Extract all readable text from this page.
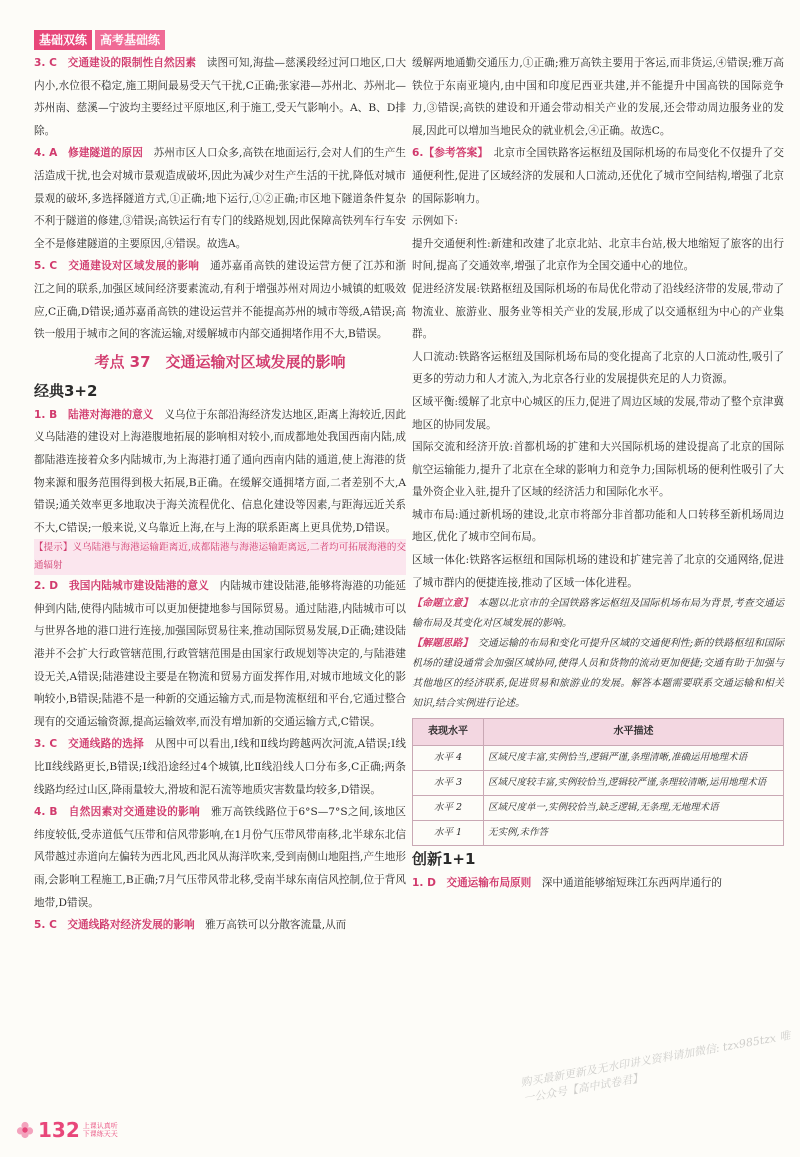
基础双练	高考基础练

3. C　 交通建设的限制性自然因素　 读图可知,海盐—慈溪段经过河口地区,口大内小,水位很不稳定,施工期间最易受天气干扰,C正确;张家港—苏州北、苏州北—苏州南、慈溪—宁波均主要经过平原地区,利于施工,受天气影响小。A、B、D排除。

4. A　 修建隧道的原因　 苏州市区人口众多,高铁在地面运行,会对人们的生产生活造成干扰,也会对城市景观造成破坏,因此为减少对生产生活的干扰,降低对城市景观的破坏,多选择隧道方式,①正确;地下运行,①②正确;市区地下隧道条件复杂不利于隧道的修建,③错误;高铁运行有专门的线路规划,因此保障高铁列车行车安全不是修建隧道的主要原因,④错误。故选A。

5. C　 交通建设对区域发展的影响　 通苏嘉甬高铁的建设运营方便了江苏和浙江之间的联系,加强区域间经济要素流动,有利于增强苏州对周边小城镇的虹吸效应,C正确,D错误;通苏嘉甬高铁的建设运营并不能提高苏州的城市等级,A错误;高铁一般用于城市之间的客流运输,对缓解城市内部交通拥堵作用不大,B错误。

考点 37　交通运输对区域发展的影响
经典3+2

1. B　 陆港对海港的意义　 义乌位于东部沿海经济发达地区,距离上海较近,因此义乌陆港的建设对上海港腹地拓展的影响相对较小,而成都地处我国西南内陆,成都陆港连接着众多内陆城市,为上海港打通了通向西南内陆的通道,使上海港的货物来源和服务范围得到极大拓展,B正确。在缓解交通拥堵方面,二者差别不大,A错误;通关效率更多地取决于海关流程优化、信息化建设等因素,与距海远近关系不大,C错误;一般来说,义乌靠近上海,在与上海的联系距离上更具优势,D错误。

【提示】义乌陆港与海港运输距离近,成都陆港与海港运输距离远,二者均可拓展海港的交通辐射

2. D　 我国内陆城市建设陆港的意义　 内陆城市建设陆港,能够将海港的功能延伸到内陆,使得内陆城市可以更加便捷地参与国际贸易。通过陆港,内陆城市可以与世界各地的港口进行连接,加强国际贸易往来,推动国际贸易发展,D正确;建设陆港并不会扩大行政管辖范围,行政管辖范围是由国家行政规划等决定的,与陆港建设无关,A错误;陆港建设主要是在物流和贸易方面发挥作用,对城市地域文化的影响较小,B错误;陆港不是一种新的交通运输方式,而是物流枢纽和平台,它通过整合现有的交通运输资源,提高运输效率,而没有增加新的交通运输方式,C错误。

3. C　 交通线路的选择　 从图中可以看出,Ⅰ线和Ⅱ线均跨越两次河流,A错误;Ⅰ线比Ⅱ线线路更长,B错误;Ⅰ线沿途经过4个城镇,比Ⅱ线沿线人口分布多,C正确;两条线路均经过山区,降雨量较大,滑坡和泥石流等地质灾害数量均较多,D错误。

4. B　 自然因素对交通建设的影响　 雅万高铁线路位于6°S—7°S之间,该地区纬度较低,受赤道低气压带和信风带影响,在1月份气压带风带南移,北半球东北信风带越过赤道向左偏转为西北风,西北风从海洋吹来,受到南侧山地阻挡,产生地形雨,会影响工程施工,B正确;7月气压带风带北移,受南半球东南信风控制,位于背风地带,D错误。

5. C　 交通线路对经济发展的影响　 雅万高铁可以分散客流量,从而

缓解两地通勤交通压力,①正确;雅万高铁主要用于客运,而非货运,④错误;雅万高铁位于东南亚境内,由中国和印度尼西亚共建,并不能提升中国高铁的国际竞争力,③错误;高铁的建设和开通会带动相关产业的发展,还会带动周边服务业的发展,因此可以增加当地民众的就业机会,④正确。故选C。

6.【参考答案】　 北京市全国铁路客运枢纽及国际机场的布局变化不仅提升了交通便利性,促进了区域经济的发展和人口流动,还优化了城市空间结构,增强了北京的国际影响力。

示例如下:

提升交通便利性:新建和改建了北京北站、北京丰台站,极大地缩短了旅客的出行时间,提高了交通效率,增强了北京作为全国交通中心的地位。

促进经济发展:铁路枢纽及国际机场的布局优化带动了沿线经济带的发展,带动了物流业、旅游业、服务业等相关产业的发展,形成了以交通枢纽为中心的产业集群。

人口流动:铁路客运枢纽及国际机场布局的变化提高了北京的人口流动性,吸引了更多的劳动力和人才流入,为北京各行业的发展提供充足的人力资源。

区域平衡:缓解了北京中心城区的压力,促进了周边区域的发展,带动了整个京津冀地区的协同发展。

国际交流和经济开放:首都机场的扩建和大兴国际机场的建设提高了北京的国际航空运输能力,提升了北京在全球的影响力和竞争力;国际机场的便利性吸引了大量外资企业入驻,提升了区域的经济活力和国际化水平。

城市布局:通过新机场的建设,北京市将部分非首都功能和人口转移至新机场周边地区,优化了城市空间布局。

区域一体化:铁路客运枢纽和国际机场的建设和扩建完善了北京的交通网络,促进了城市群内的便捷连接,推动了区域一体化进程。

【命题立意】　 本题以北京市的全国铁路客运枢纽及国际机场布局为背景,考查交通运输布局及其变化对区域发展的影响。

【解题思路】　 交通运输的布局和变化可提升区域的交通便利性;新的铁路枢纽和国际机场的建设通常会加强区域协同,使得人员和货物的流动更加便捷;交通有助于加强与其他地区的经济联系,促进贸易和旅游业的发展。解答本题需要联系交通运输和相关知识,结合实例进行论述。

表现水平	水平描述
水平 4	区域尺度丰富,实例恰当,逻辑严谨,条理清晰,准确运用地理术语
水平 3	区域尺度较丰富,实例较恰当,逻辑较严谨,条理较清晰,运用地理术语
水平 2	区域尺度单一,实例较恰当,缺乏逻辑,无条理,无地理术语
水平 1	无实例,未作答
创新1+1

1. D　 交通运输布局原则　 深中通道能够缩短珠江东西两岸通行的

购买最新更新及无水印讲义资料请加微信: tzx985tzx 唯一公众号【高中试卷君】
132 上课认真听
下课练天天
